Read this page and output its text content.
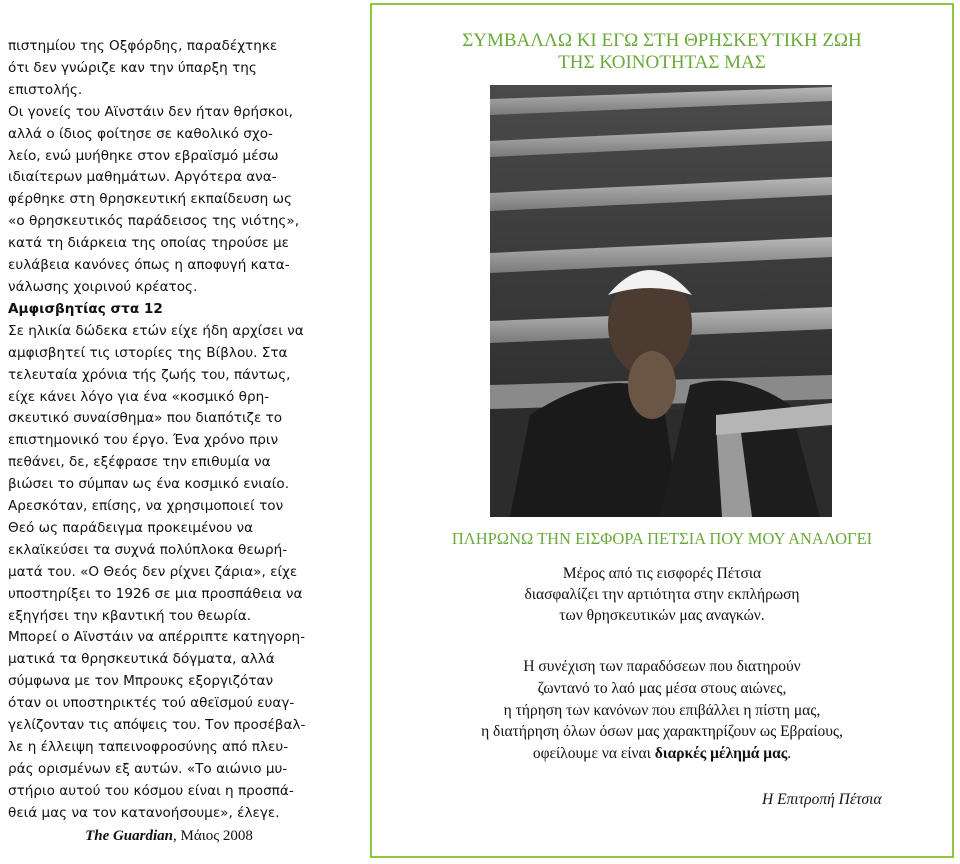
πιστημίου της Οξφόρδης, παραδέχτηκε

ότι δεν γνώριζε καν την ύπαρξη της

επιστολής.

Οι γονείς του Αϊνστάιν δεν ήταν θρήσκοι,

αλλά ο ίδιος φοίτησε σε καθολικό σχο-

λείο, ενώ μυήθηκε στον εβραϊσμό μέσω

ιδιαίτερων μαθημάτων. Αργότερα ανα-

φέρθηκε στη θρησκευτική εκπαίδευση ως

«ο θρησκευτικός παράδεισος της νιότης»,

κατά τη διάρκεια της οποίας τηρούσε με

ευλάβεια κανόνες όπως η αποφυγή κατα-

νάλωσης χοιρινού κρέατος.

Αμφισβητίας στα 12

Σε ηλικία δώδεκα ετών είχε ήδη αρχίσει να

αμφισβητεί τις ιστορίες της Βίβλου. Στα

τελευταία χρόνια τής ζωής του, πάντως,

είχε κάνει λόγο για ένα «κοσμικό θρη-

σκευτικό συναίσθημα» που διαπότιζε το

επιστημονικό του έργο. Ένα χρόνο πριν

πεθάνει, δε, εξέφρασε την επιθυμία να

βιώσει το σύμπαν ως ένα κοσμικό ενιαίο.

Αρεσκόταν, επίσης, να χρησιμοποιεί τον

Θεό ως παράδειγμα προκειμένου να

εκλαϊκεύσει τα συχνά πολύπλοκα θεωρή-

ματά του. «Ο Θεός δεν ρίχνει ζάρια», είχε

υποστηρίξει το 1926 σε μια προσπάθεια να

εξηγήσει την κβαντική του θεωρία.

Μπορεί ο Αϊνστάιν να απέρριπτε κατηγορη-

ματικά τα θρησκευτικά δόγματα, αλλά

σύμφωνα με τον Μπρουκς εξοργιζόταν

όταν οι υποστηρικτές τού αθεϊσμού ευαγ-

γελίζονταν τις απόψεις του. Τον προσέβαλ-

λε η έλλειψη ταπεινοφροσύνης από πλευ-

ράς ορισμένων εξ αυτών. «Το αιώνιο μυ-

στήριο αυτού του κόσμου είναι η προσπά-

θειά μας να τον κατανοήσουμε», έλεγε.

The Guardian, Μάιος 2008

ΣΥΜΒΑΛΛΩ ΚΙ ΕΓΩ ΣΤΗ ΘΡΗΣΚΕΥΤΙΚΗ ΖΩΗ
ΤΗΣ ΚΟΙΝΟΤΗΤΑΣ ΜΑΣ
ΠΛΗΡΩΝΩ ΤΗΝ ΕΙΣΦΟΡΑ ΠΕΤΣΙΑ ΠΟΥ ΜΟΥ ΑΝΑΛΟΓΕΙ
Μέρος από τις εισφορές Πέτσια
διασφαλίζει την αρτιότητα στην εκπλήρωση
των θρησκευτικών μας αναγκών.
Η συνέχιση των παραδόσεων που διατηρούν
ζωντανό το λαό μας μέσα στους αιώνες,
η τήρηση των κανόνων που επιβάλλει η πίστη μας,
η διατήρηση όλων όσων μας χαρακτηρίζουν ως Εβραίους,
οφείλουμε να είναι διαρκές μέλημά μας.
Η Επιτροπή Πέτσια
